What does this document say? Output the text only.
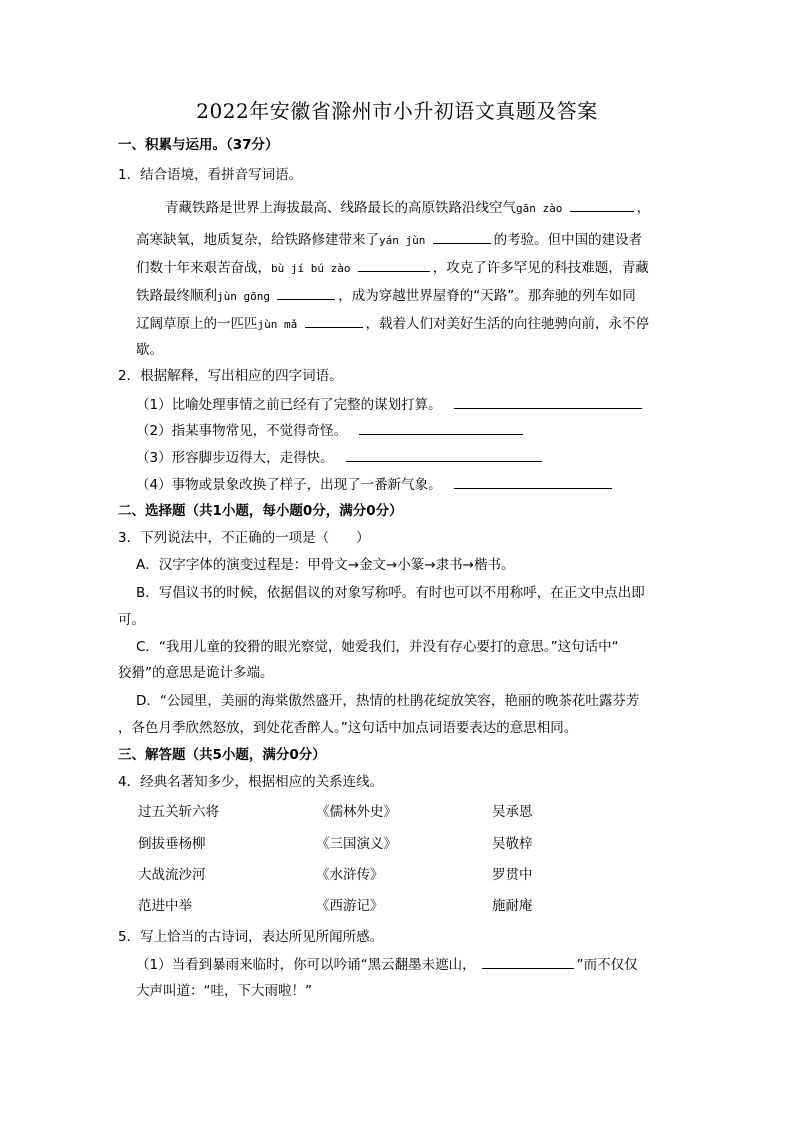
2022年安徽省滁州市小升初语文真题及答案
一、积累与运用。（37分）
1．结合语境，看拼音写词语。
青藏铁路是世界上海拔最高、线路最长的高原铁路沿线空气gān zào	，
高寒缺氧，地质复杂，给铁路修建带来了yán jùn	的考验。但中国的建设者
们数十年来艰苦奋战，bù jí bú zào	，攻克了许多罕见的科技难题，青藏
铁路最终顺利jùn gōng	，成为穿越世界屋脊的“天路”。那奔驰的列车如同
辽阔草原上的一匹匹jùn mǎ	，载着人们对美好生活的向往驰骋向前，永不停
歇。
2．根据解释，写出相应的四字词语。
（1）比喻处理事情之前已经有了完整的谋划打算。
（2）指某事物常见，不觉得奇怪。
（3）形容脚步迈得大，走得快。
（4）事物或景象改换了样子，出现了一番新气象。
二、选择题（共1小题，每小题0分，满分0分）
3．下列说法中，不正确的一项是（　　）
A．汉字字体的演变过程是：甲骨文→金文→小篆→隶书→楷书。
B．写倡议书的时候，依据倡议的对象写称呼。有时也可以不用称呼，在正文中点出即
可。
C．“我用儿童的狡猾的眼光察觉，她爱我们，并没有存心要打的意思。”这句话中“
狡猾”的意思是诡计多端。
D．“公园里，美丽的海棠傲然盛开，热情的杜鹃花绽放笑容，艳丽的晚茶花吐露芬芳
，各色月季欣然怒放，到处花香醉人。”这句话中加点词语要表达的意思相同。
三、解答题（共5小题，满分0分）
4．经典名著知多少，根据相应的关系连线。
过五关斩六将	《儒林外史》	吴承恩
倒拔垂杨柳	《三国演义》	吴敬梓
大战流沙河	《水浒传》	罗贯中
范进中举	《西游记》	施耐庵
5．写上恰当的古诗词，表达所见所闻所感。
（1）当看到暴雨来临时，你可以吟诵“黑云翻墨未遮山，	”而不仅仅
大声叫道：“哇，下大雨啦！”
